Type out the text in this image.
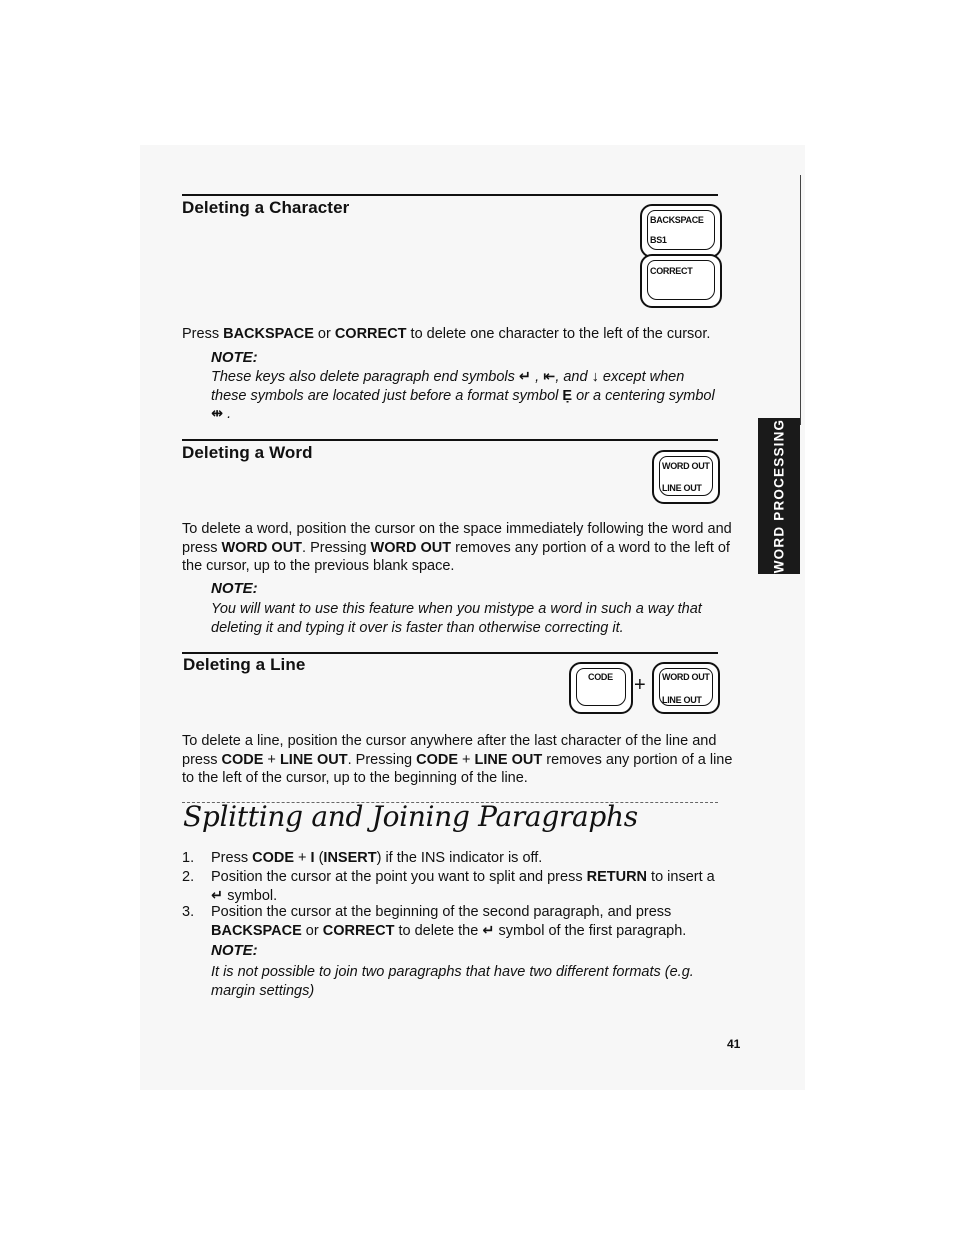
Deleting a Character
BACKSPACE
BS1
CORRECT
Press BACKSPACE or CORRECT to delete one character to the left of the cursor.
NOTE:
These keys also delete paragraph end symbols ↵ , ⇤, and ↓ except when
these symbols are located just before a format symbol Ẹ or a centering symbol
⇹ .
Deleting a Word
WORD OUT
LINE OUT
To delete a word, position the cursor on the space immediately following the word and press WORD OUT. Pressing WORD OUT removes any portion of a word to the left of the cursor, up to the previous blank space.
NOTE:
You will want to use this feature when you mistype a word in such a way that deleting it and typing it over is faster than otherwise correcting it.
Deleting a Line
CODE + WORD OUT
LINE OUT
To delete a line, position the cursor anywhere after the last character of the line and press CODE + LINE OUT. Pressing CODE + LINE OUT removes any portion of a line to the left of the cursor, up to the beginning of the line.
Splitting and Joining Paragraphs
1. Press CODE + I (INSERT) if the INS indicator is off.
2. Position the cursor at the point you want to split and press RETURN to insert a
↵ symbol.
3. Position the cursor at the beginning of the second paragraph, and press
BACKSPACE or CORRECT to delete the ↵ symbol of the first paragraph.
NOTE:
It is not possible to join two paragraphs that have two different formats (e.g. margin settings)
41
WORD PROCESSING
